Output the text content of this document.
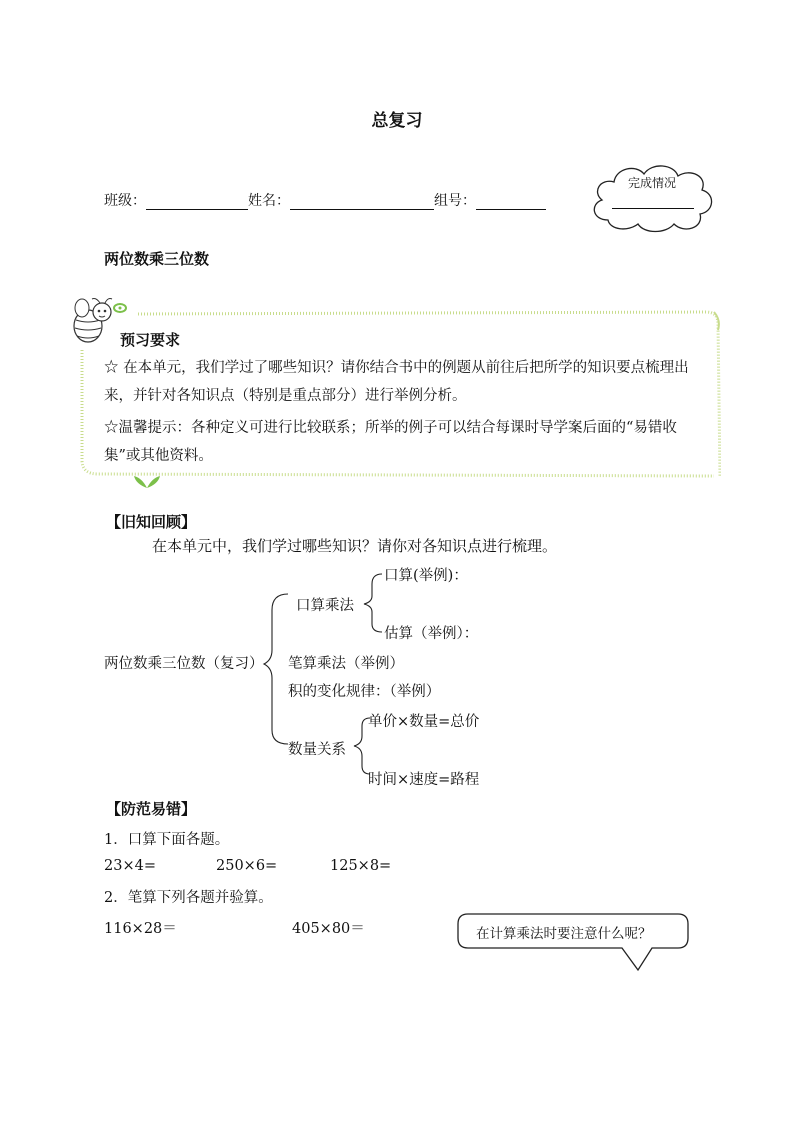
总复习
班级：	姓名：	组号：
完成情况
两位数乘三位数
预习要求
☆ 在本单元，我们学过了哪些知识？请你结合书中的例题从前往后把所学的知识要点梳理出来，并针对各知识点（特别是重点部分）进行举例分析。
☆温馨提示：各种定义可进行比较联系；所举的例子可以结合每课时导学案后面的“易错收集”或其他资料。
【旧知回顾】
在本单元中，我们学过哪些知识？请你对各知识点进行梳理。
两位数乘三位数（复习）
口算乘法
口算(举例)：
估算（举例）：
笔算乘法（举例）
积的变化规律：（举例）
数量关系
单价×数量=总价
时间×速度=路程
【防范易错】
1．口算下面各题。
23×4=	250×6=	125×8=
2．笔算下列各题并验算。
116×28＝	405×80＝	在计算乘法时要注意什么呢？
